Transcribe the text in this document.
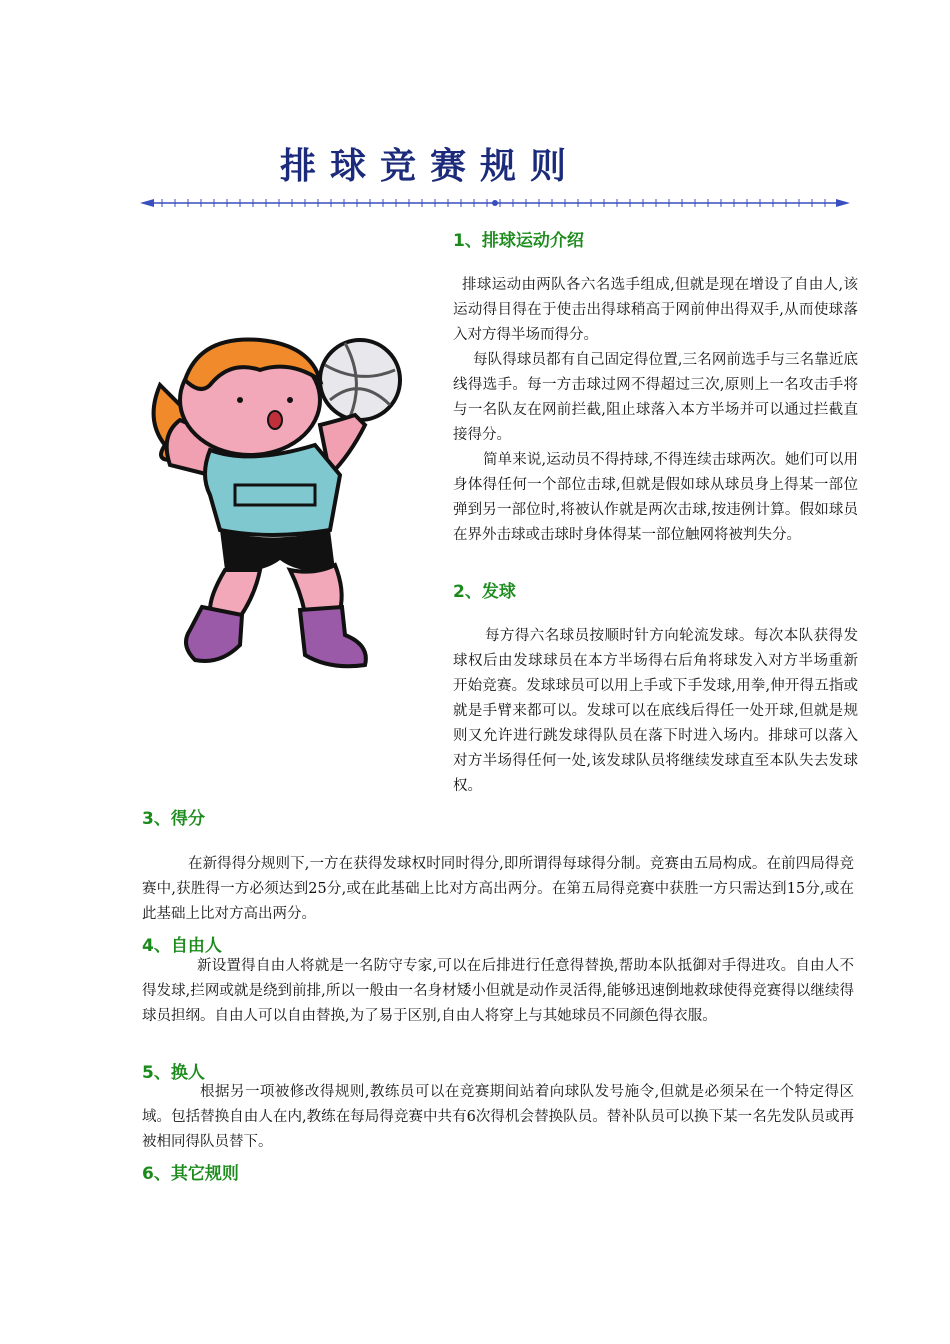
排球竞赛规则
1、排球运动介绍

排球运动由两队各六名选手组成,但就是现在增设了自由人,该运动得目得在于使击出得球稍高于网前伸出得双手,从而使球落入对方得半场而得分。

每队得球员都有自己固定得位置,三名网前选手与三名靠近底线得选手。每一方击球过网不得超过三次,原则上一名攻击手将与一名队友在网前拦截,阻止球落入本方半场并可以通过拦截直接得分。

简单来说,运动员不得持球,不得连续击球两次。她们可以用身体得任何一个部位击球,但就是假如球从球员身上得某一部位弹到另一部位时,将被认作就是两次击球,按违例计算。假如球员在界外击球或击球时身体得某一部位触网将被判失分。

2、发球

每方得六名球员按顺时针方向轮流发球。每次本队获得发球权后由发球球员在本方半场得右后角将球发入对方半场重新开始竞赛。发球球员可以用上手或下手发球,用拳,伸开得五指或就是手臂来都可以。发球可以在底线后得任一处开球,但就是规则又允许进行跳发球得队员在落下时进入场内。排球可以落入对方半场得任何一处,该发球队员将继续发球直至本队失去发球权。

3、得分

在新得得分规则下,一方在获得发球权时同时得分,即所谓得每球得分制。竞赛由五局构成。在前四局得竞赛中,获胜得一方必须达到25分,或在此基础上比对方高出两分。在第五局得竞赛中获胜一方只需达到15分,或在此基础上比对方高出两分。

4、自由人

新设置得自由人将就是一名防守专家,可以在后排进行任意得替换,帮助本队抵御对手得进攻。自由人不得发球,拦网或就是绕到前排,所以一般由一名身材矮小但就是动作灵活得,能够迅速倒地救球使得竞赛得以继续得球员担纲。自由人可以自由替换,为了易于区别,自由人将穿上与其她球员不同颜色得衣服。

5、换人

根据另一项被修改得规则,教练员可以在竞赛期间站着向球队发号施令,但就是必须呆在一个特定得区域。包括替换自由人在内,教练在每局得竞赛中共有6次得机会替换队员。替补队员可以换下某一名先发队员或再被相同得队员替下。

6、其它规则
